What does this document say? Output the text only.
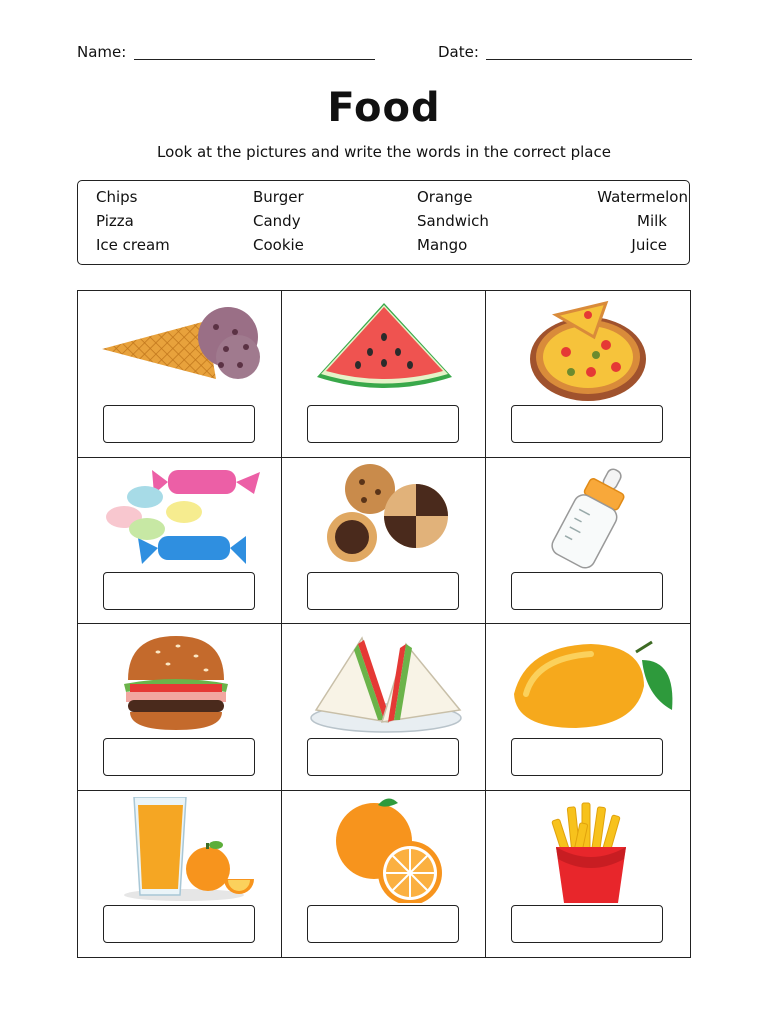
Name:	Date:
Food
Look at the pictures and write the words in the correct place
Chips
Pizza
Ice cream
Burger
Candy
Cookie
Orange
Sandwich
Mango
Watermelon
Milk
Juice
